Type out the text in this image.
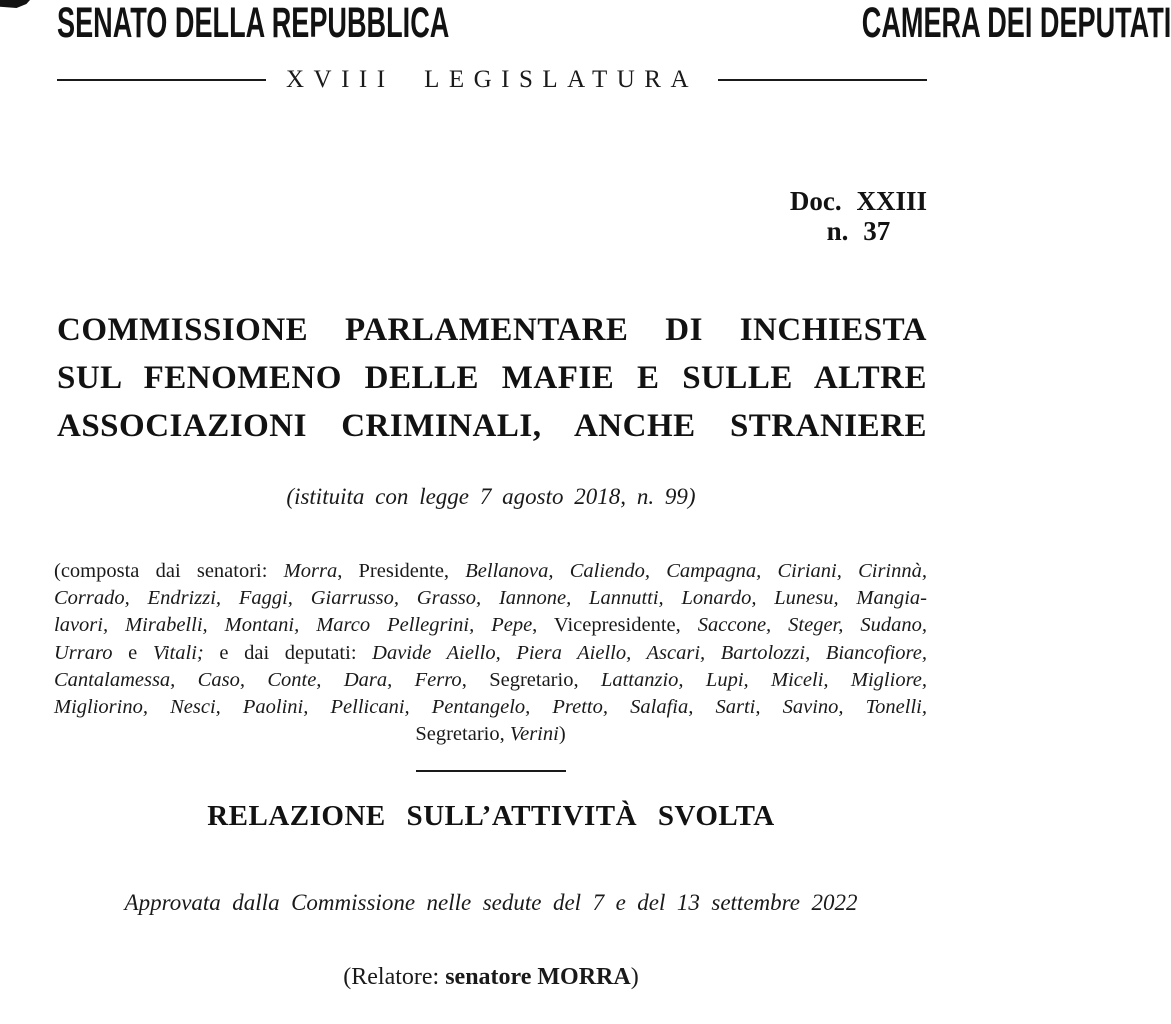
SENATO DELLA REPUBBLICA	CAMERA DEI DEPUTATI
XVIII LEGISLATURA
Doc. XXIII
n. 37
COMMISSIONE PARLAMENTARE DI INCHIESTA
SUL FENOMENO DELLE MAFIE E SULLE ALTRE
ASSOCIAZIONI CRIMINALI, ANCHE STRANIERE
(istituita con legge 7 agosto 2018, n. 99)
(composta dai senatori: Morra, Presidente, Bellanova, Caliendo, Campagna, Ciriani, Cirinnà,
Corrado, Endrizzi, Faggi, Giarrusso, Grasso, Iannone, Lannutti, Lonardo, Lunesu, Mangia-
lavori, Mirabelli, Montani, Marco Pellegrini, Pepe, Vicepresidente, Saccone, Steger, Sudano,
Urraro e Vitali; e dai deputati: Davide Aiello, Piera Aiello, Ascari, Bartolozzi, Biancofiore,
Cantalamessa, Caso, Conte, Dara, Ferro, Segretario, Lattanzio, Lupi, Miceli, Migliore,
Migliorino, Nesci, Paolini, Pellicani, Pentangelo, Pretto, Salafia, Sarti, Savino, Tonelli,
Segretario, Verini)
RELAZIONE SULL’ATTIVITÀ SVOLTA
Approvata dalla Commissione nelle sedute del 7 e del 13 settembre 2022
(Relatore: senatore MORRA)
